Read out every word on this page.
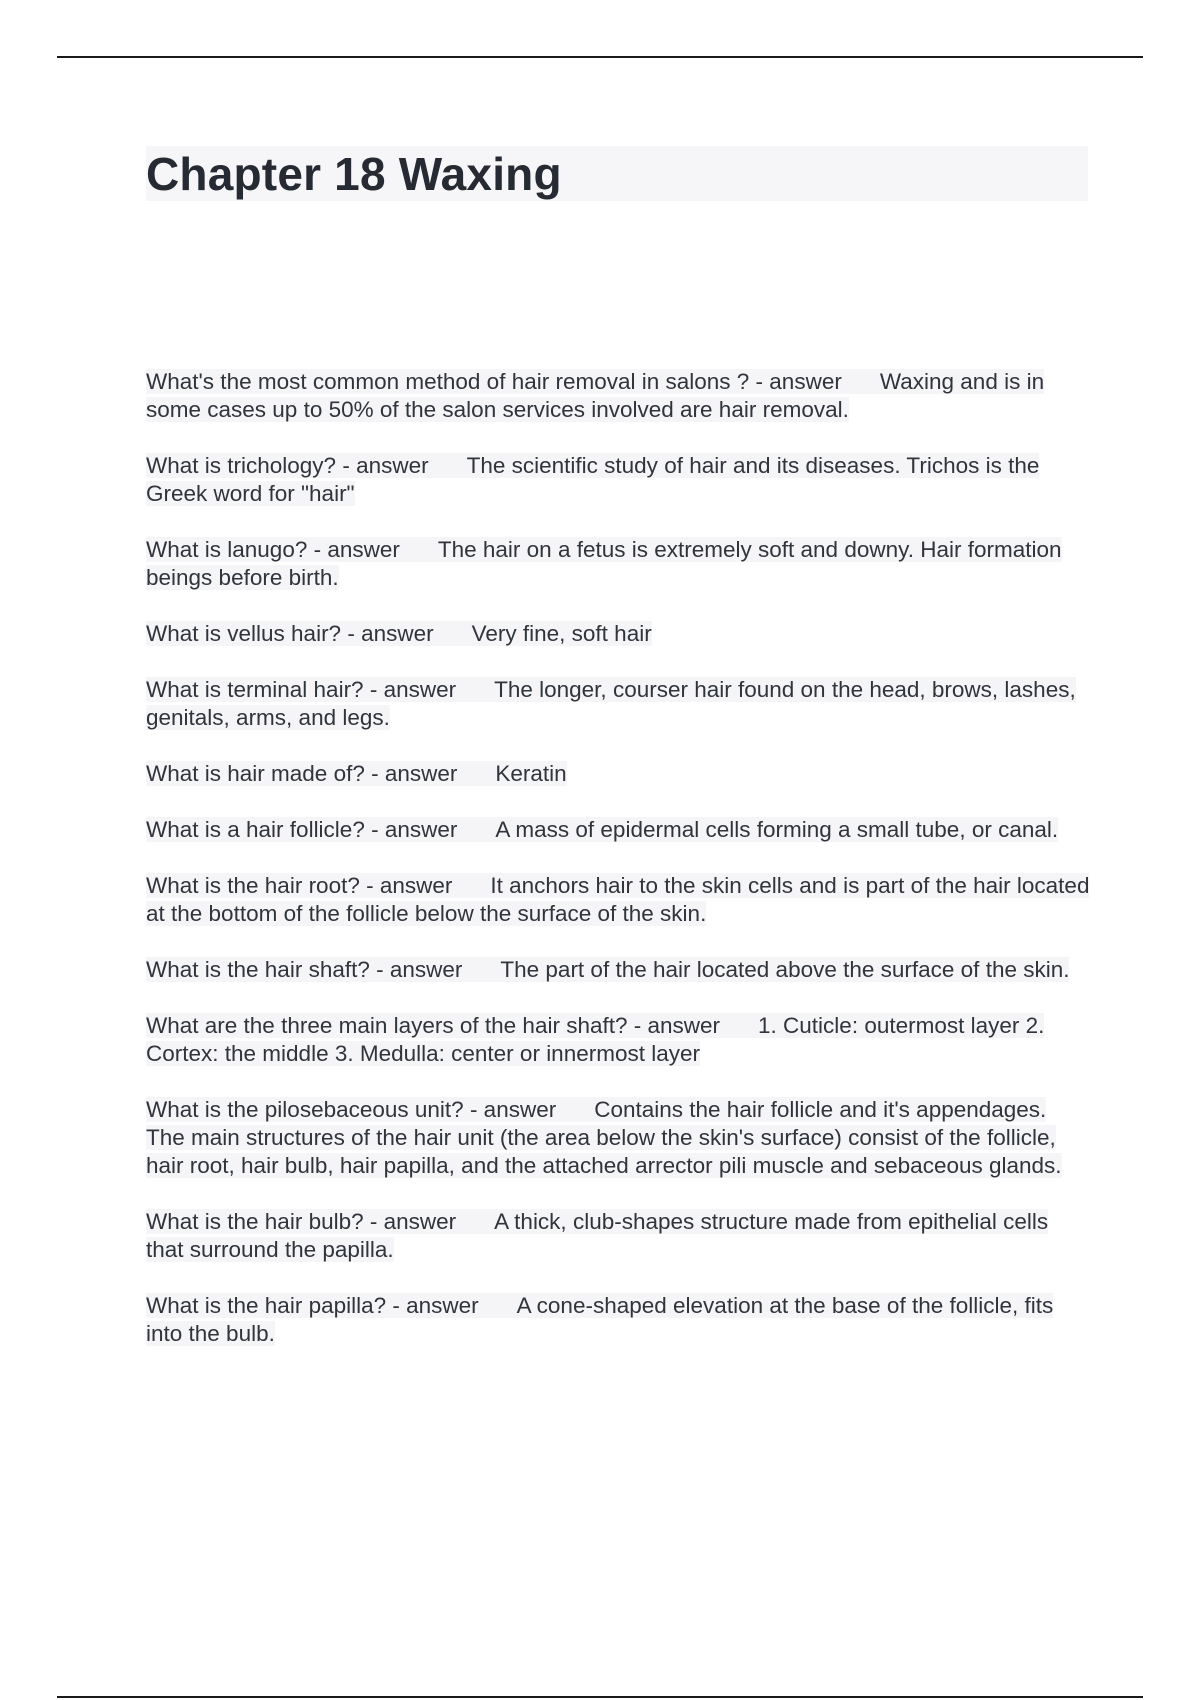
Chapter 18 Waxing
What's the most common method of hair removal in salons ? - answer Waxing and is in some cases up to 50% of the salon services involved are hair removal.
What is trichology? - answer The scientific study of hair and its diseases. Trichos is the Greek word for "hair"
What is lanugo? - answer The hair on a fetus is extremely soft and downy. Hair formation beings before birth.
What is vellus hair? - answer Very fine, soft hair
What is terminal hair? - answer The longer, courser hair found on the head, brows, lashes, genitals, arms, and legs.
What is hair made of? - answer Keratin
What is a hair follicle? - answer A mass of epidermal cells forming a small tube, or canal.
What is the hair root? - answer It anchors hair to the skin cells and is part of the hair located at the bottom of the follicle below the surface of the skin.
What is the hair shaft? - answer The part of the hair located above the surface of the skin.
What are the three main layers of the hair shaft? - answer 1. Cuticle: outermost layer 2. Cortex: the middle 3. Medulla: center or innermost layer
What is the pilosebaceous unit? - answer Contains the hair follicle and it's appendages. The main structures of the hair unit (the area below the skin's surface) consist of the follicle, hair root, hair bulb, hair papilla, and the attached arrector pili muscle and sebaceous glands.
What is the hair bulb? - answer A thick, club-shapes structure made from epithelial cells that surround the papilla.
What is the hair papilla? - answer A cone-shaped elevation at the base of the follicle, fits into the bulb.
